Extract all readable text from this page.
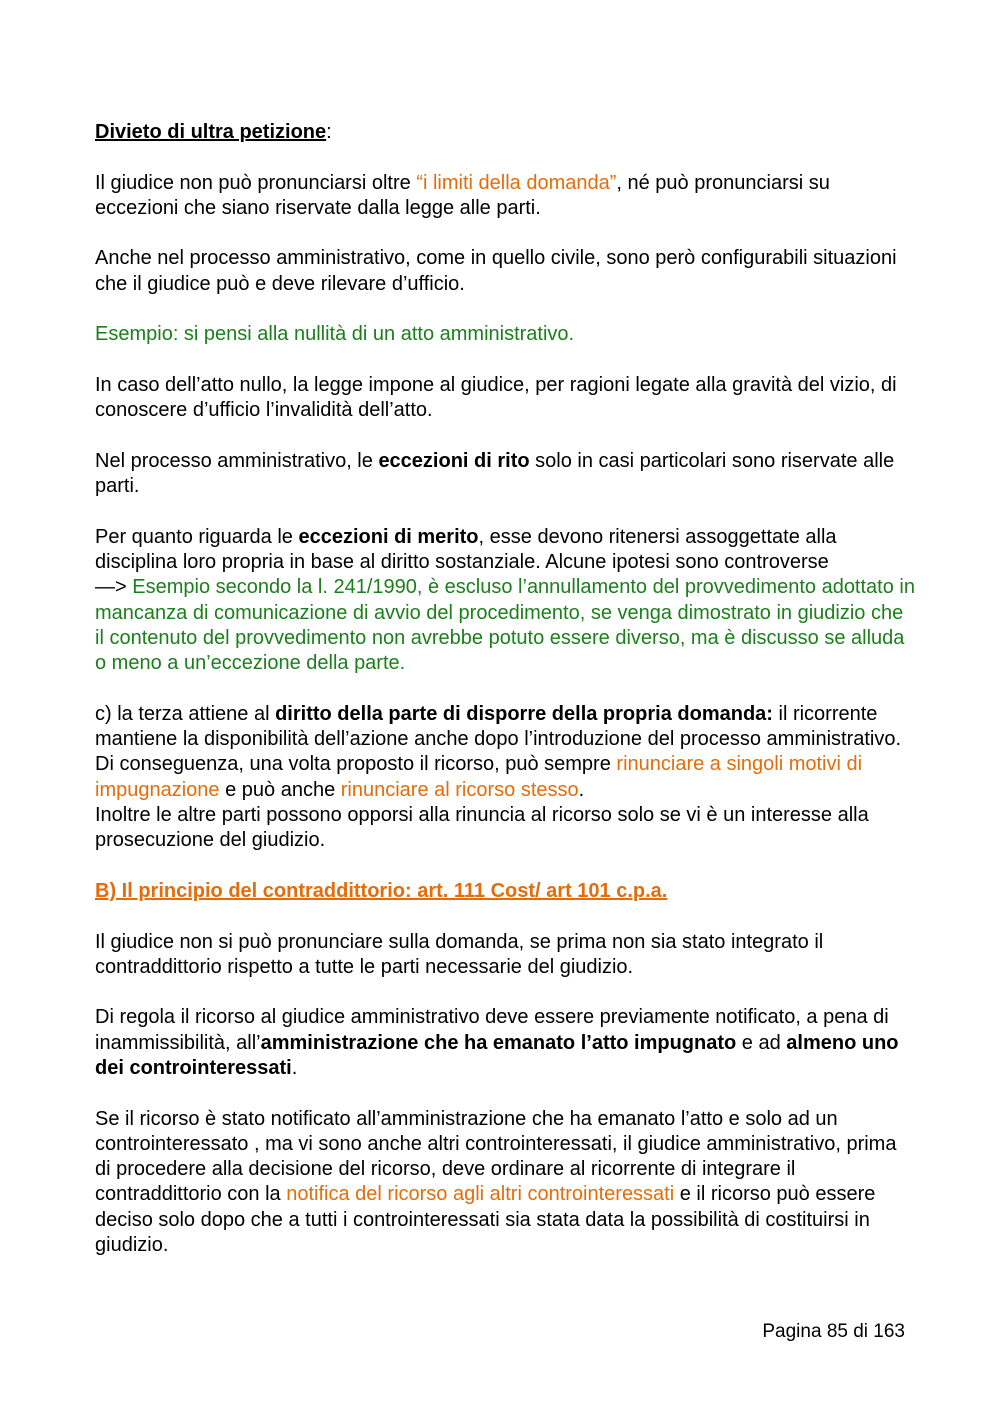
Divieto di ultra petizione:

Il giudice non può pronunciarsi oltre “i limiti della domanda”, né può pronunciarsi su eccezioni che siano riservate dalla legge alle parti.

Anche nel processo amministrativo, come in quello civile, sono però configurabili situazioni che il giudice può e deve rilevare d’ufficio.

Esempio: si pensi alla nullità di un atto amministrativo.

In caso dell’atto nullo, la legge impone al giudice, per ragioni legate alla gravità del vizio, di conoscere d’ufficio l’invalidità dell’atto.

Nel processo amministrativo, le eccezioni di rito solo in casi particolari sono riservate alle parti.

Per quanto riguarda le eccezioni di merito, esse devono ritenersi assoggettate alla disciplina loro propria in base al diritto sostanziale. Alcune ipotesi sono controverse

—> Esempio secondo la l. 241/1990, è escluso l’annullamento del provvedimento adottato in mancanza di comunicazione di avvio del procedimento, se venga dimostrato in giudizio che il contenuto del provvedimento non avrebbe potuto essere diverso, ma è discusso se alluda o meno a un’eccezione della parte.

c) la terza attiene al diritto della parte di disporre della propria domanda: il ricorrente mantiene la disponibilità dell’azione anche dopo l’introduzione del processo amministrativo.

Di conseguenza, una volta proposto il ricorso, può sempre rinunciare a singoli motivi di impugnazione e può anche rinunciare al ricorso stesso.

Inoltre le altre parti possono opporsi alla rinuncia al ricorso solo se vi è un interesse alla prosecuzione del giudizio.

B) Il principio del contraddittorio: art. 111 Cost/ art 101 c.p.a.

Il giudice non si può pronunciare sulla domanda, se prima non sia stato integrato il contraddittorio rispetto a tutte le parti necessarie del giudizio.

Di regola il ricorso al giudice amministrativo deve essere previamente notificato, a pena di inammissibilità, all’amministrazione che ha emanato l’atto impugnato e ad almeno uno dei controinteressati.

Se il ricorso è stato notificato all’amministrazione che ha emanato l’atto e solo ad un controinteressato , ma vi sono anche altri controinteressati, il giudice amministrativo, prima di procedere alla decisione del ricorso, deve ordinare al ricorrente di integrare il contraddittorio con la notifica del ricorso agli altri controinteressati e il ricorso può essere deciso solo dopo che a tutti i controinteressati sia stata data la possibilità di costituirsi in giudizio.

Pagina 85 di 163
